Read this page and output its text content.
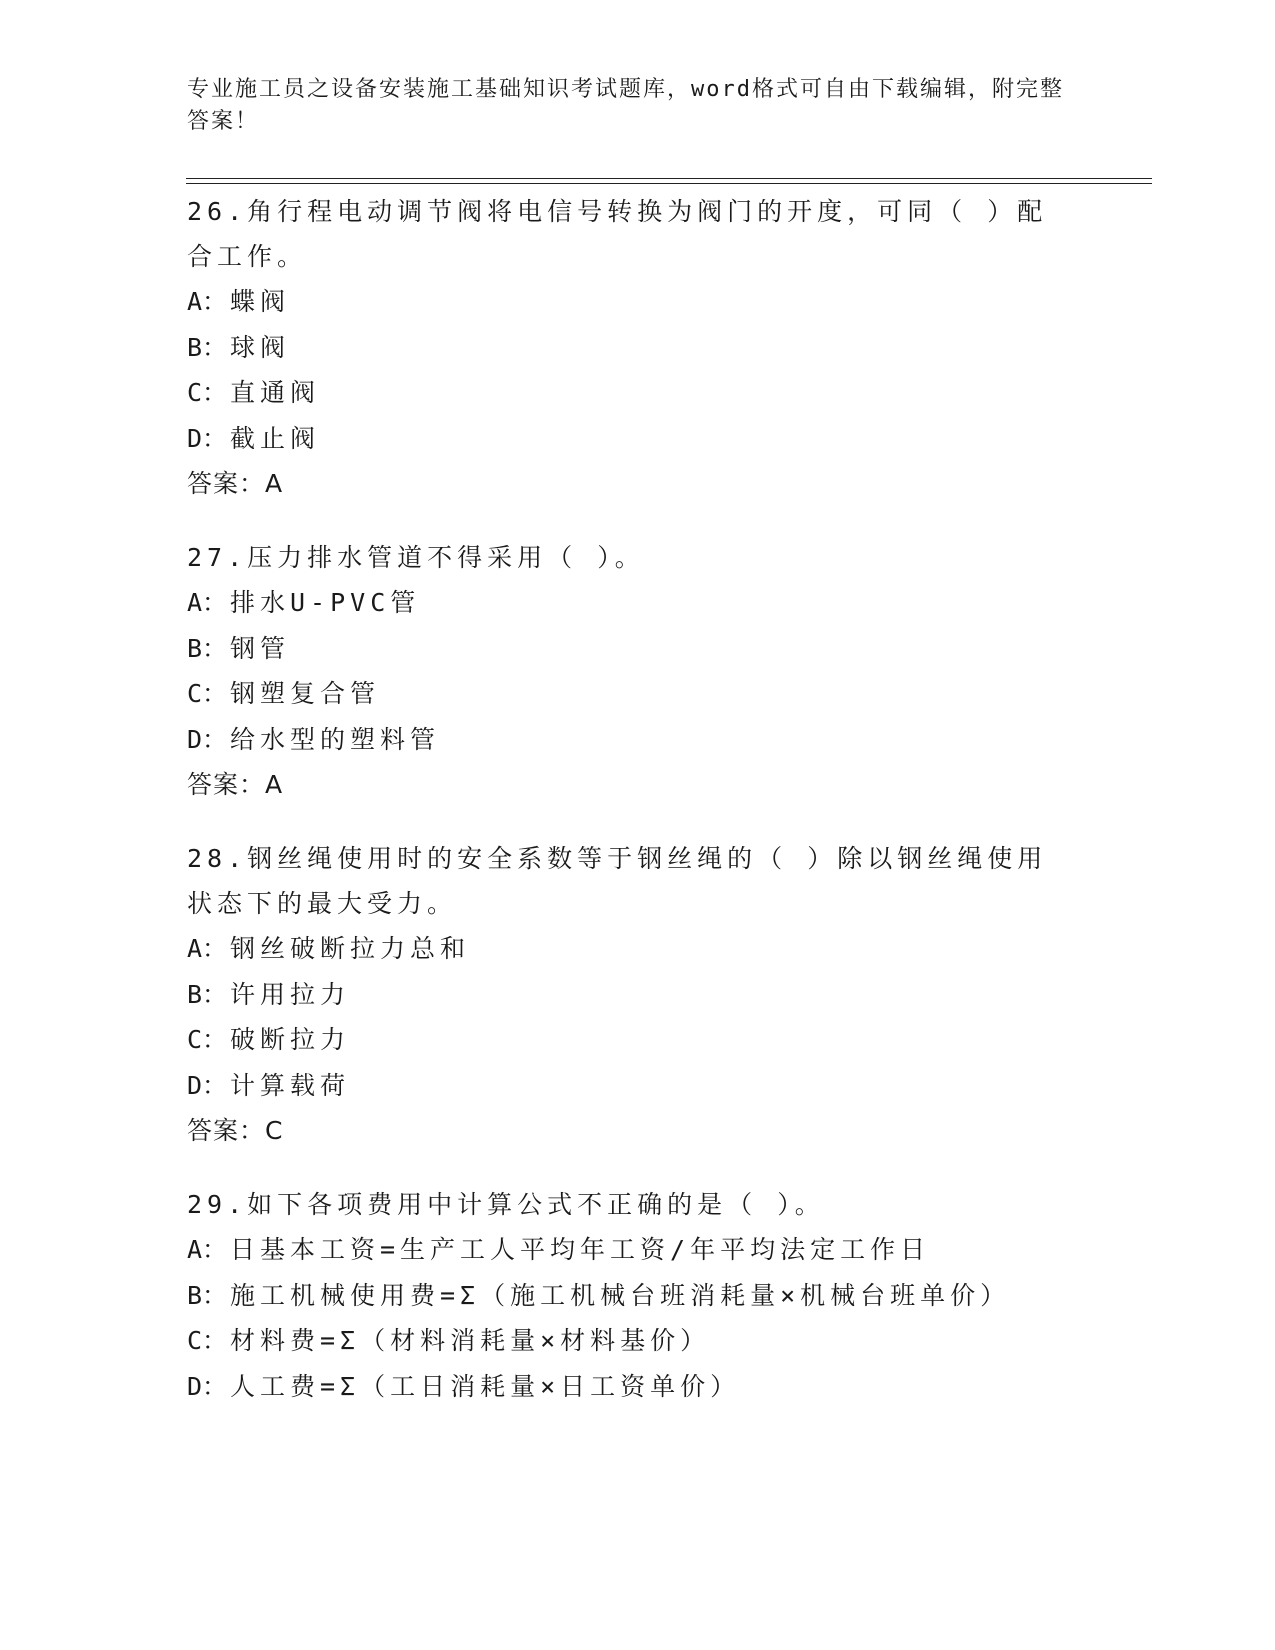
专业施工员之设备安装施工基础知识考试题库，word格式可自由下载编辑，附完整答案！

26.角行程电动调节阀将电信号转换为阀门的开度，可同（ ）配合工作。

A： 蝶阀

B： 球阀

C： 直通阀

D： 截止阀

答案：A

27.压力排水管道不得采用（ ）。

A： 排水U-PVC管

B： 钢管

C： 钢塑复合管

D： 给水型的塑料管

答案：A

28.钢丝绳使用时的安全系数等于钢丝绳的（ ）除以钢丝绳使用状态下的最大受力。

A： 钢丝破断拉力总和

B： 许用拉力

C： 破断拉力

D： 计算载荷

答案：C

29.如下各项费用中计算公式不正确的是（ ）。

A： 日基本工资=生产工人平均年工资/年平均法定工作日

B： 施工机械使用费=Σ（施工机械台班消耗量×机械台班单价）

C： 材料费=Σ（材料消耗量×材料基价）

D： 人工费=Σ（工日消耗量×日工资单价）
